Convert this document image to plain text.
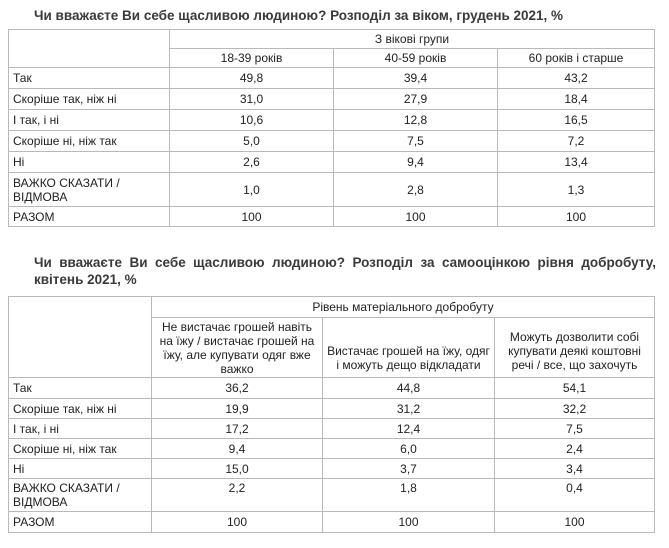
Чи вважаєте Ви себе щасливою людиною? Розподіл за віком, грудень 2021, %
	З вікові групи		
	18-39 років	40-59 років	60 років і старше
Так	49,8	39,4	43,2
Скоріше так, ніж ні	31,0	27,9	18,4
І так, і ні	10,6	12,8	16,5
Скоріше ні, ніж так	5,0	7,5	7,2
Ні	2,6	9,4	13,4
ВАЖКО СКАЗАТИ / ВІДМОВА	1,0	2,8	1,3
РАЗОМ	100	100	100
Чи вважаєте Ви себе щасливою людиною? Розподіл за самооцінкою рівня добробуту, квітень 2021, %
	Рівень матеріального добробуту		
	Не вистачає грошей навіть на їжу / вистачає грошей на їжу, але купувати одяг вже важко	Вистачає грошей на їжу, одяг і можуть дещо відкладати	Можуть дозволити собі купувати деякі коштовні речі / все, що захочуть
Так	36,2	44,8	54,1
Скоріше так, ніж ні	19,9	31,2	32,2
І так, і ні	17,2	12,4	7,5
Скоріше ні, ніж так	9,4	6,0	2,4
Ні	15,0	3,7	3,4
ВАЖКО СКАЗАТИ / ВІДМОВА	2,2	1,8	0,4
РАЗОМ	100	100	100
